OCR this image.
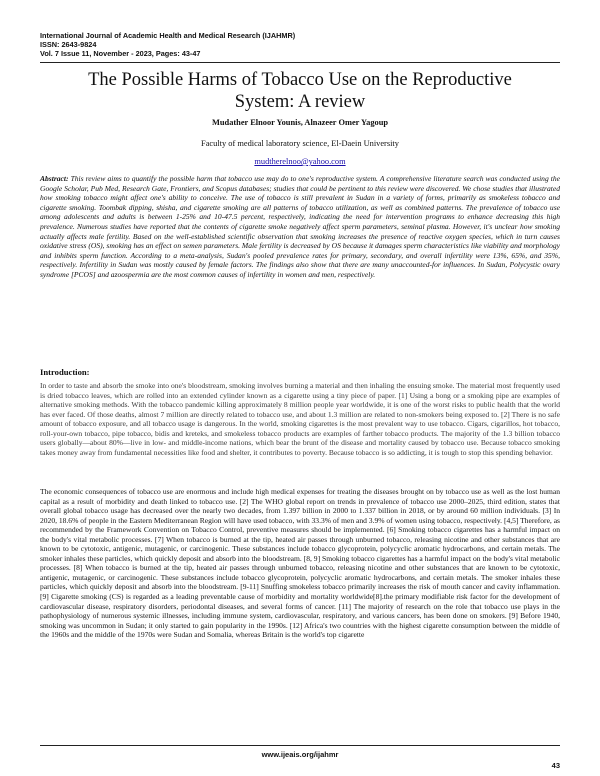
International Journal of Academic Health and Medical Research (IJAHMR)
ISSN: 2643-9824
Vol. 7 Issue 11, November - 2023, Pages: 43-47
The Possible Harms of Tobacco Use on the Reproductive
System: A review
Mudather Elnoor Younis, Alnazeer Omer Yagoup
Faculty of medical laboratory science, El-Daein University
mudtherelnoo@yahoo.com
Abstract: This review aims to quantify the possible harm that tobacco use may do to one's reproductive system. A comprehensive literature search was conducted using the Google Scholar, Pub Med, Research Gate, Frontiers, and Scopus databases; studies that could be pertinent to this review were discovered. We chose studies that illustrated how smoking tobacco might affect one's ability to conceive. The use of tobacco is still prevalent in Sudan in a variety of forms, primarily as smokeless tobacco and cigarette smoking. Toombak dipping, shisha, and cigarette smoking are all patterns of tobacco utilization, as well as combined patterns. The prevalence of tobacco use among adolescents and adults is between 1-25% and 10-47.5 percent, respectively, indicating the need for intervention programs to enhance decreasing this high prevalence. Numerous studies have reported that the contents of cigarette smoke negatively affect sperm parameters, seminal plasma. However, it's unclear how smoking actually affects male fertility. Based on the well-established scientific observation that smoking increases the presence of reactive oxygen species, which in turn causes oxidative stress (OS), smoking has an effect on semen parameters. Male fertility is decreased by OS because it damages sperm characteristics like viability and morphology and inhibits sperm function. According to a meta-analysis, Sudan's pooled prevalence rates for primary, secondary, and overall infertility were 13%, 65%, and 35%, respectively. Infertility in Sudan was mostly caused by female factors. The findings also show that there are many unaccounted-for influences. In Sudan, Polycystic ovary syndrome [PCOS] and azoospermia are the most common causes of infertility in women and men, respectively.
Introduction:
In order to taste and absorb the smoke into one's bloodstream, smoking involves burning a material and then inhaling the ensuing smoke. The material most frequently used is dried tobacco leaves, which are rolled into an extended cylinder known as a cigarette using a tiny piece of paper. [1] Using a bong or a smoking pipe are examples of alternative smoking methods. With the tobacco pandemic killing approximately 8 million people year worldwide, it is one of the worst risks to public health that the world has ever faced. Of those deaths, almost 7 million are directly related to tobacco use, and about 1.3 million are related to non-smokers being exposed to. [2] There is no safe amount of tobacco exposure, and all tobacco usage is dangerous. In the world, smoking cigarettes is the most prevalent way to use tobacco. Cigars, cigarillos, hot tobacco, roll-your-own tobacco, pipe tobacco, bidis and kreteks, and smokeless tobacco products are examples of farther tobacco products. The majority of the 1.3 billion tobacco users globally—about 80%—live in low- and middle-income nations, which bear the brunt of the disease and mortality caused by tobacco use. Because tobacco smoking takes money away from fundamental necessities like food and shelter, it contributes to poverty. Because tobacco is so addicting, it is tough to stop this spending behavior.
The economic consequences of tobacco use are enormous and include high medical expenses for treating the diseases brought on by tobacco use as well as the lost human capital as a result of morbidity and death linked to tobacco use. [2] The WHO global report on trends in prevalence of tobacco use 2000–2025, third edition, states that overall global tobacco usage has decreased over the nearly two decades, from 1.397 billion in 2000 to 1.337 billion in 2018, or by around 60 million individuals. [3] In 2020, 18.6% of people in the Eastern Mediterranean Region will have used tobacco, with 33.3% of men and 3.9% of women using tobacco, respectively. [4,5] Therefore, as recommended by the Framework Convention on Tobacco Control, preventive measures should be implemented. [6] Smoking tobacco cigarettes has a harmful impact on the body's vital metabolic processes. [7] When tobacco is burned at the tip, heated air passes through unburned tobacco, releasing nicotine and other substances that are known to be cytotoxic, antigenic, mutagenic, or carcinogenic. These substances include tobacco glycoprotein, polycyclic aromatic hydrocarbons, and certain metals. The smoker inhales these particles, which quickly deposit and absorb into the bloodstream. [8, 9] Smoking tobacco cigarettes has a harmful impact on the body's vital metabolic processes. [8] When tobacco is burned at the tip, heated air passes through unburned tobacco, releasing nicotine and other substances that are known to be cytotoxic, antigenic, mutagenic, or carcinogenic. These substances include tobacco glycoprotein, polycyclic aromatic hydrocarbons, and certain metals. The smoker inhales these particles, which quickly deposit and absorb into the bloodstream. [9-11] Snuffing smokeless tobacco primarily increases the risk of mouth cancer and cavity inflammation. [9] Cigarette smoking (CS) is regarded as a leading preventable cause of morbidity and mortality worldwide[8].the primary modifiable risk factor for the development of cardiovascular disease, respiratory disorders, periodontal diseases, and several forms of cancer. [11] The majority of research on the role that tobacco use plays in the pathophysiology of numerous systemic illnesses, including immune system, cardiovascular, respiratory, and various cancers, has been done on smokers. [9] Before 1940, smoking was uncommon in Sudan; it only started to gain popularity in the 1990s. [12] Africa's two countries with the highest cigarette consumption between the middle of the 1960s and the middle of the 1970s were Sudan and Somalia, whereas Britain is the world's top cigarette
www.ijeais.org/ijahmr
43
